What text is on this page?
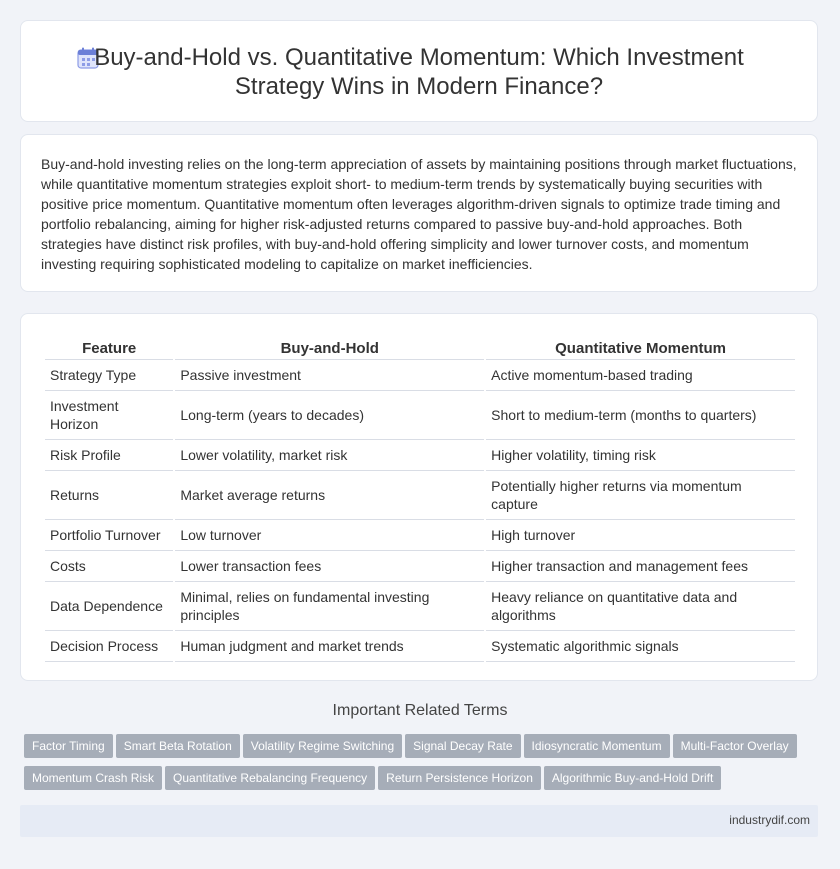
Buy-and-Hold vs. Quantitative Momentum: Which Investment Strategy Wins in Modern Finance?

Buy-and-hold investing relies on the long-term appreciation of assets by maintaining positions through market fluctuations, while quantitative momentum strategies exploit short- to medium-term trends by systematically buying securities with positive price momentum. Quantitative momentum often leverages algorithm-driven signals to optimize trade timing and portfolio rebalancing, aiming for higher risk-adjusted returns compared to passive buy-and-hold approaches. Both strategies have distinct risk profiles, with buy-and-hold offering simplicity and lower turnover costs, and momentum investing requiring sophisticated modeling to capitalize on market inefficiencies.

Feature	Buy-and-Hold	Quantitative Momentum
Strategy Type	Passive investment	Active momentum-based trading
Investment Horizon	Long-term (years to decades)	Short to medium-term (months to quarters)
Risk Profile	Lower volatility, market risk	Higher volatility, timing risk
Returns	Market average returns	Potentially higher returns via momentum capture
Portfolio Turnover	Low turnover	High turnover
Costs	Lower transaction fees	Higher transaction and management fees
Data Dependence	Minimal, relies on fundamental investing principles	Heavy reliance on quantitative data and algorithms
Decision Process	Human judgment and market trends	Systematic algorithmic signals
Important Related Terms
Factor Timing Smart Beta Rotation Volatility Regime Switching Signal Decay Rate Idiosyncratic Momentum Multi-Factor Overlay
Momentum Crash Risk Quantitative Rebalancing Frequency Return Persistence Horizon Algorithmic Buy-and-Hold Drift
industrydif.com
